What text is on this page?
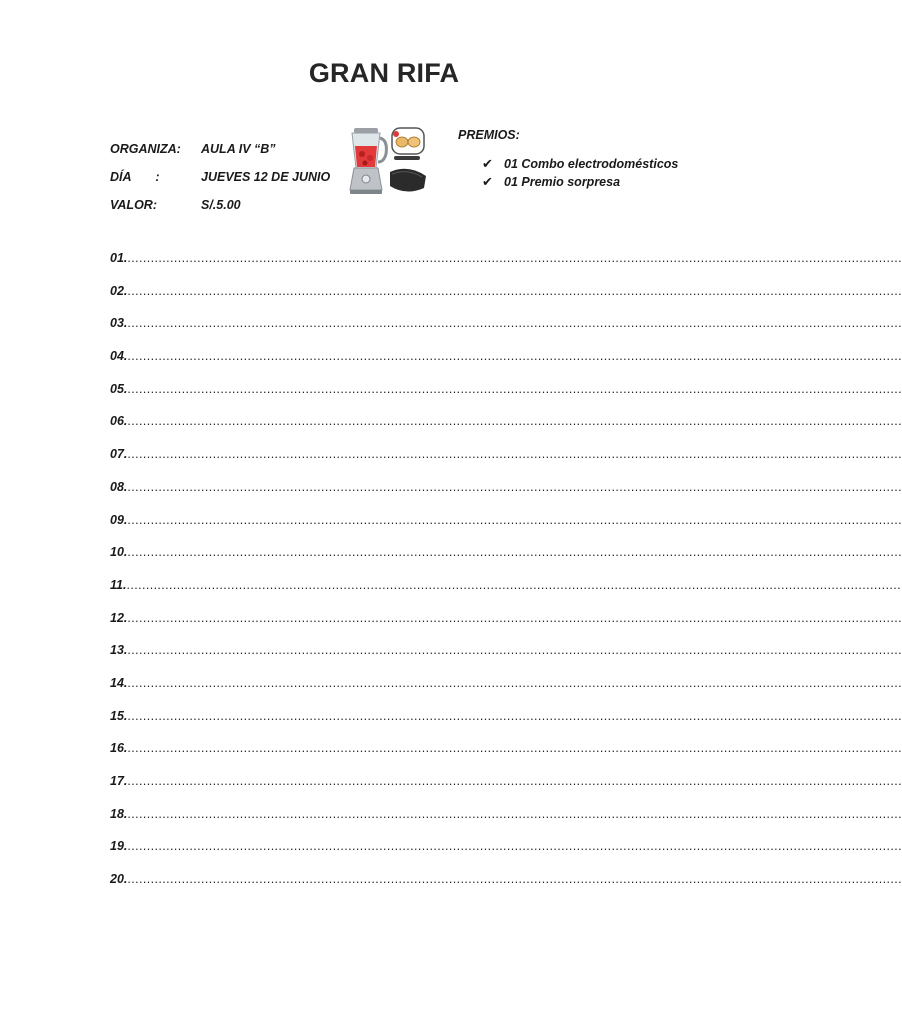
GRAN RIFA
ORGANIZA: AULA IV “B”
DÍA       :	JUEVES 12 DE JUNIO
VALOR:	S/.5.00
PREMIOS:
✔ 01 Combo electrodomésticos
✔ 01 Premio sorpresa
01. ........................................................................................................................................................................................................
02. ........................................................................................................................................................................................................
03. ........................................................................................................................................................................................................
04. ........................................................................................................................................................................................................
05. ........................................................................................................................................................................................................
06. ........................................................................................................................................................................................................
07. ........................................................................................................................................................................................................
08. ........................................................................................................................................................................................................
09. ........................................................................................................................................................................................................
10. ........................................................................................................................................................................................................
11. ........................................................................................................................................................................................................
12. ........................................................................................................................................................................................................
13. ........................................................................................................................................................................................................
14. ........................................................................................................................................................................................................
15. ........................................................................................................................................................................................................
16. ........................................................................................................................................................................................................
17. ........................................................................................................................................................................................................
18. ........................................................................................................................................................................................................
19. ........................................................................................................................................................................................................
20. ........................................................................................................................................................................................................
